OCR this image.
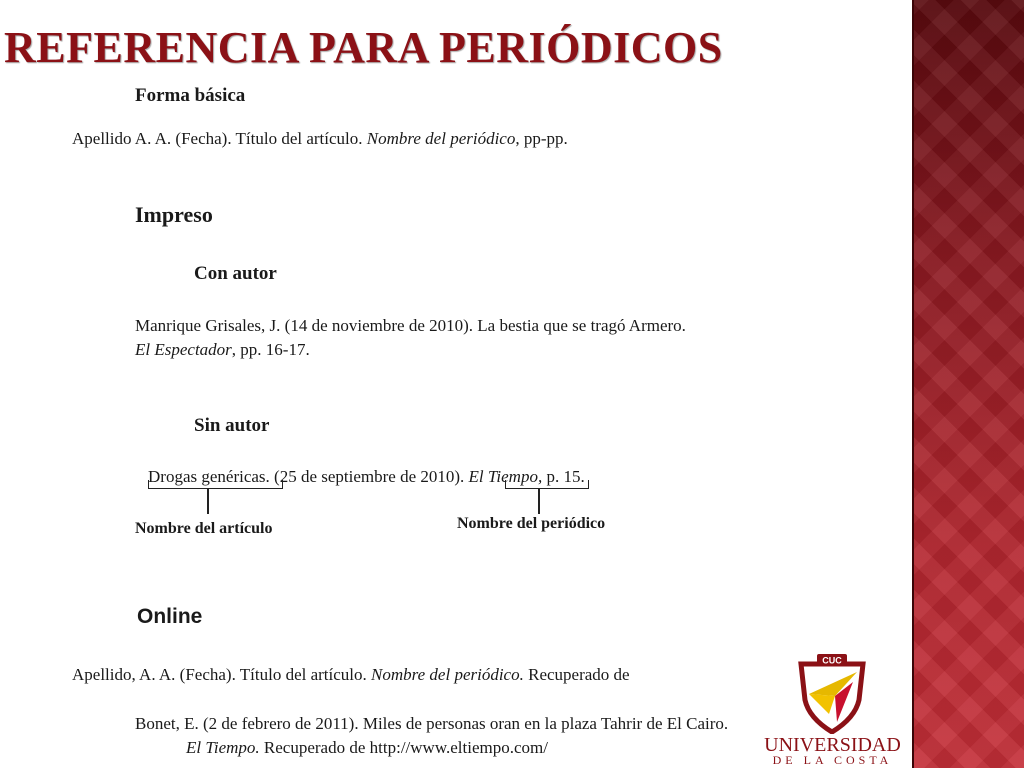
REFERENCIA PARA PERIÓDICOS
Forma básica
Apellido A. A. (Fecha). Título del artículo. Nombre del periódico, pp-pp.
Impreso
Con autor
Manrique Grisales, J. (14 de noviembre de 2010). La bestia que se tragó Armero.
El Espectador, pp. 16-17.
Sin autor
Drogas genéricas. (25 de septiembre de 2010). El Tiempo, p. 15.
Nombre del artículo	Nombre del periódico
Online
Apellido, A. A. (Fecha). Título del artículo. Nombre del periódico. Recuperado de
Bonet, E. (2 de febrero de 2011). Miles de personas oran en la plaza Tahrir de El Cairo.
El Tiempo. Recuperado de http://www.eltiempo.com/
CUC
UNIVERSIDAD
DE LA COSTA
